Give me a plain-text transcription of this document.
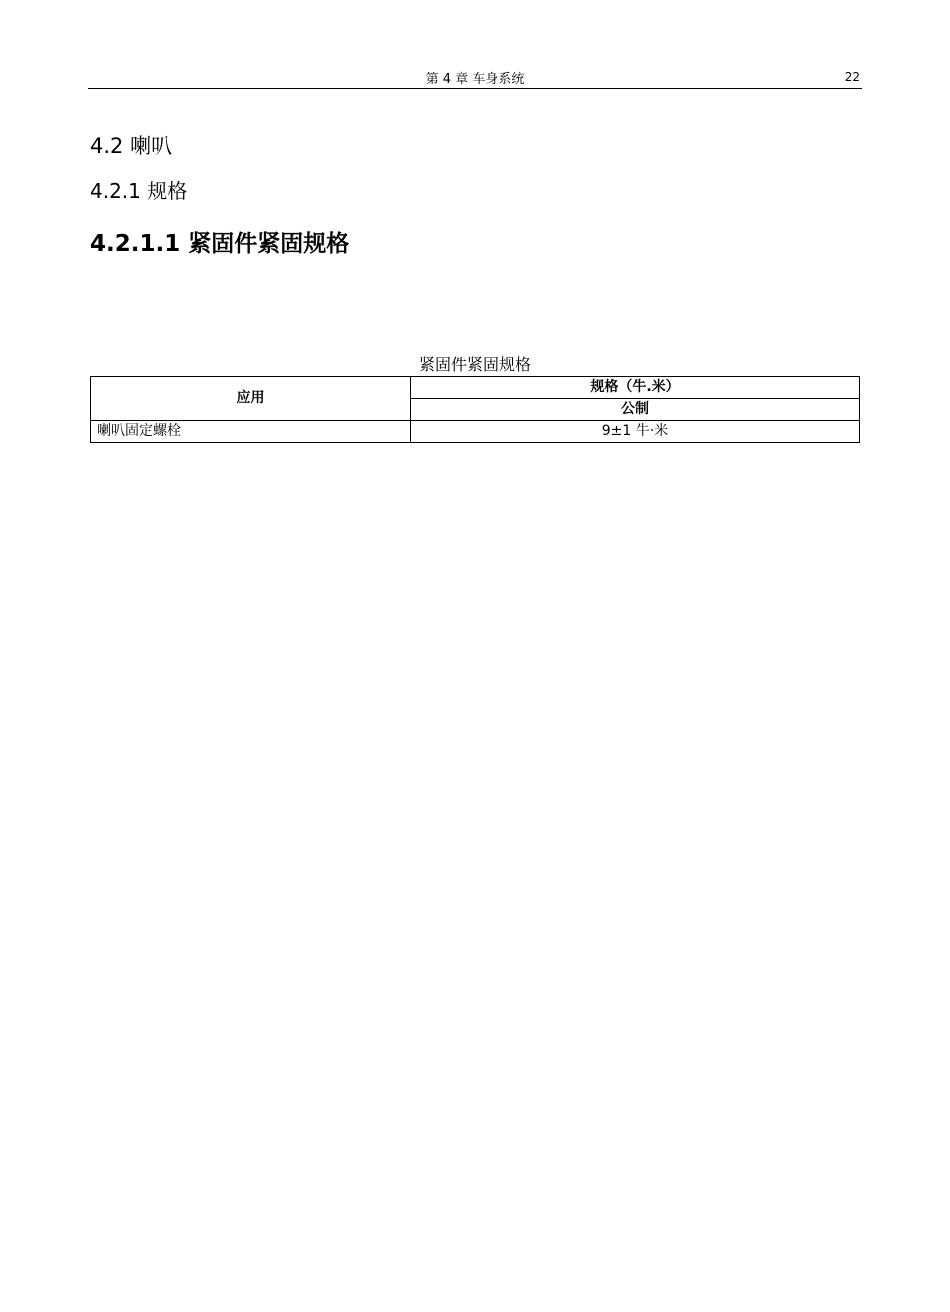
第 4 章 车身系统	22
4.2 喇叭
4.2.1 规格
4.2.1.1 紧固件紧固规格
紧固件紧固规格
应用	规格（牛.米）
	公制
喇叭固定螺栓	9±1 牛·米
